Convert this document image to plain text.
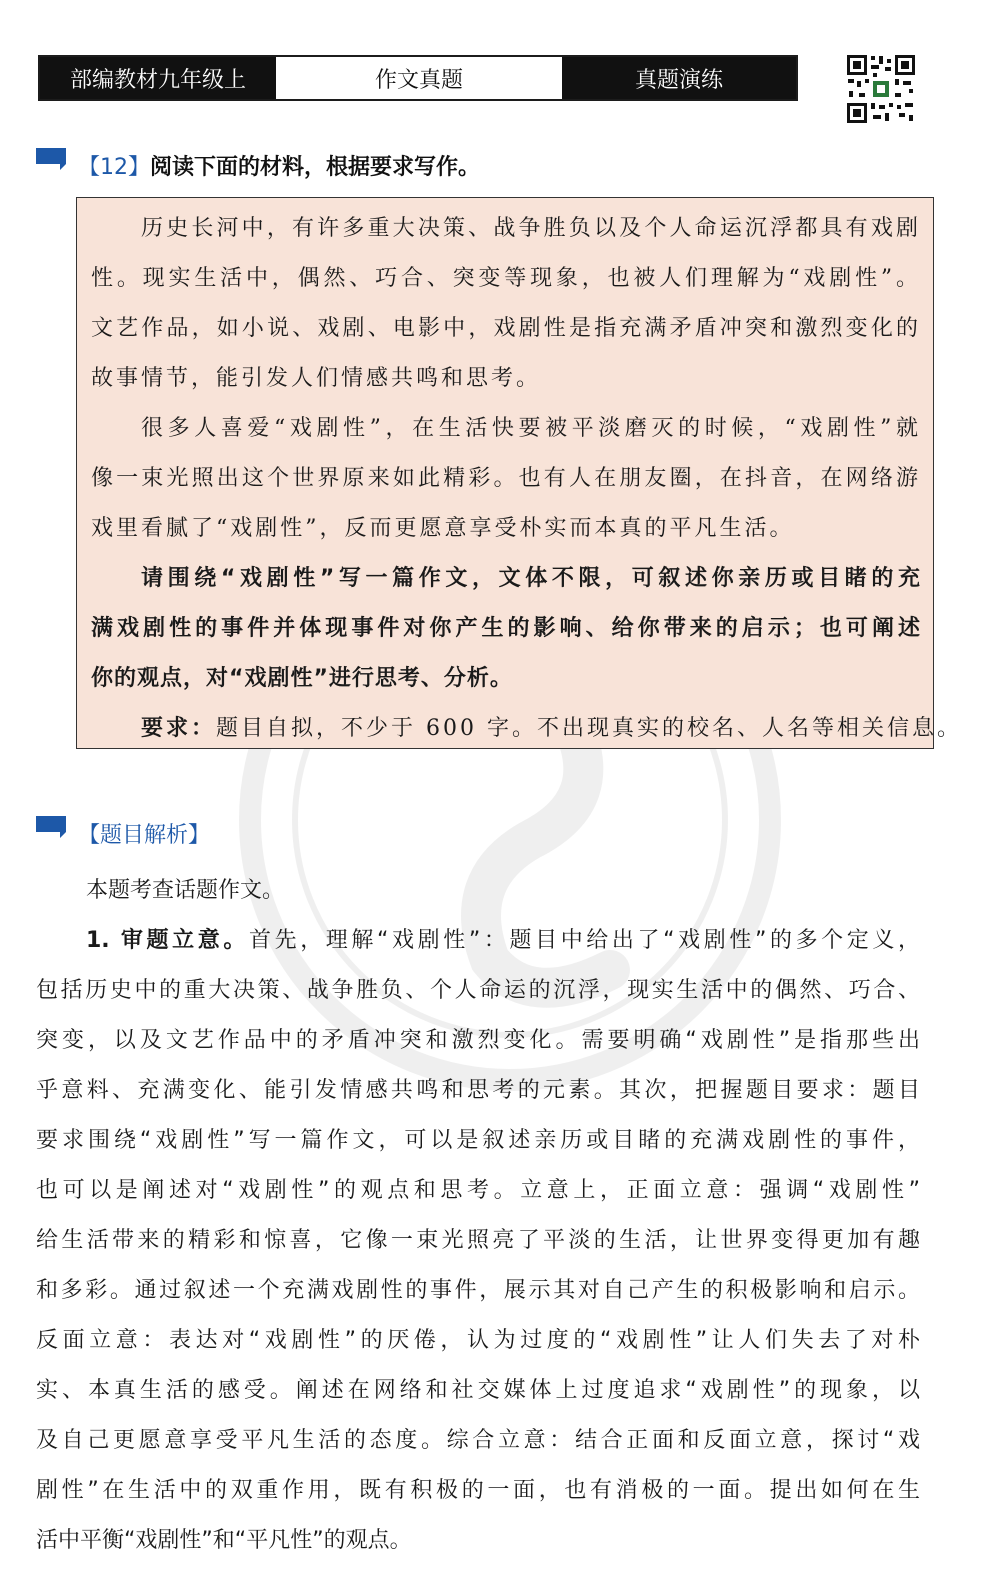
部编教材九年级上	作文真题	真题演练
【12】阅读下面的材料，根据要求写作。

历史长河中，有许多重大决策、战争胜负以及个人命运沉浮都具有戏剧

性。现实生活中，偶然、巧合、突变等现象，也被人们理解为“戏剧性”。

文艺作品，如小说、戏剧、电影中，戏剧性是指充满矛盾冲突和激烈变化的

故事情节，能引发人们情感共鸣和思考。

很多人喜爱“戏剧性”，在生活快要被平淡磨灭的时候，“戏剧性”就

像一束光照出这个世界原来如此精彩。也有人在朋友圈，在抖音，在网络游

戏里看腻了“戏剧性”，反而更愿意享受朴实而本真的平凡生活。

请围绕“戏剧性”写一篇作文，文体不限，可叙述你亲历或目睹的充

满戏剧性的事件并体现事件对你产生的影响、给你带来的启示；也可阐述

你的观点，对“戏剧性”进行思考、分析。

要求：题目自拟，不少于 600 字。不出现真实的校名、人名等相关信息。

【题目解析】

本题考查话题作文。

1. 审题立意。首先，理解“戏剧性”：题目中给出了“戏剧性”的多个定义，

包括历史中的重大决策、战争胜负、个人命运的沉浮，现实生活中的偶然、巧合、

突变，以及文艺作品中的矛盾冲突和激烈变化。需要明确“戏剧性”是指那些出

乎意料、充满变化、能引发情感共鸣和思考的元素。其次，把握题目要求：题目

要求围绕“戏剧性”写一篇作文，可以是叙述亲历或目睹的充满戏剧性的事件，

也可以是阐述对“戏剧性”的观点和思考。立意上，正面立意：强调“戏剧性”

给生活带来的精彩和惊喜，它像一束光照亮了平淡的生活，让世界变得更加有趣

和多彩。通过叙述一个充满戏剧性的事件，展示其对自己产生的积极影响和启示。

反面立意：表达对“戏剧性”的厌倦，认为过度的“戏剧性”让人们失去了对朴

实、本真生活的感受。阐述在网络和社交媒体上过度追求“戏剧性”的现象，以

及自己更愿意享受平凡生活的态度。综合立意：结合正面和反面立意，探讨“戏

剧性”在生活中的双重作用，既有积极的一面，也有消极的一面。提出如何在生

活中平衡“戏剧性”和“平凡性”的观点。
